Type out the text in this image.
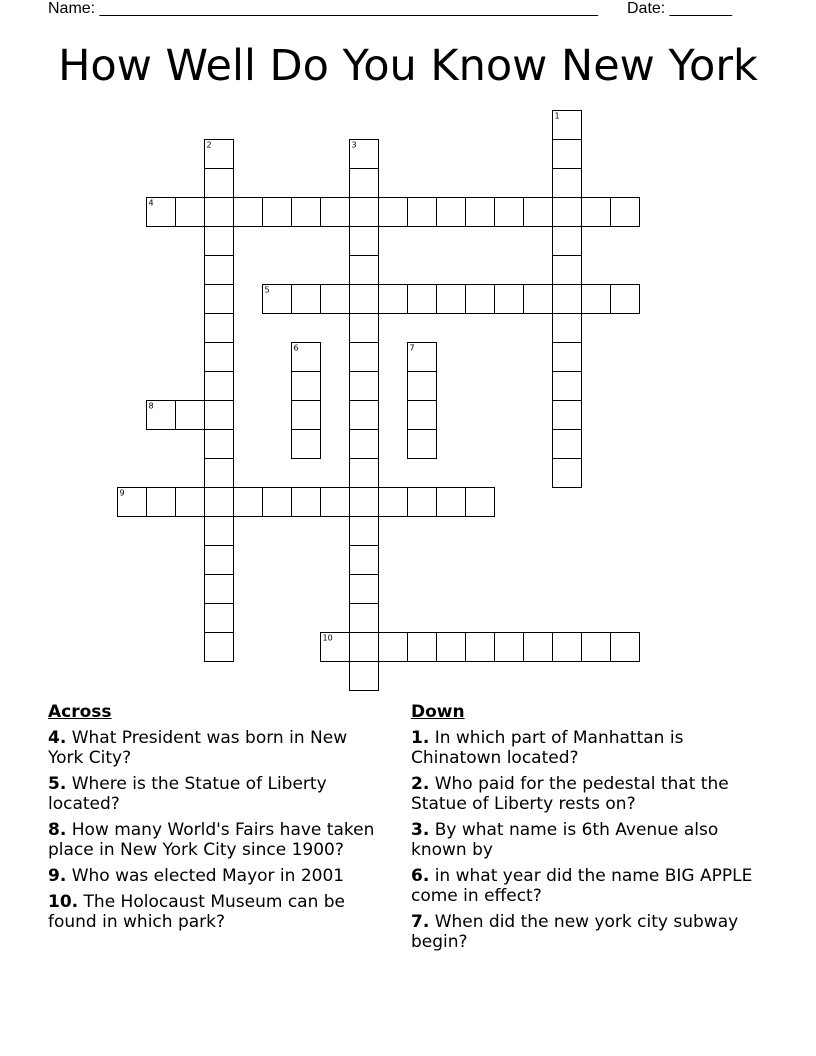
Name: ________________________________________________________ Date: _______
How Well Do You Know New York
1
2	3
4
5
6	7
8
9
10
Across
4. What President was born in New York City?
5. Where is the Statue of Liberty located?
8. How many World's Fairs have taken place in New York City since 1900?
9. Who was elected Mayor in 2001
10. The Holocaust Museum can be found in which park?
Down
1. In which part of Manhattan is Chinatown located?
2. Who paid for the pedestal that the Statue of Liberty rests on?
3. By what name is 6th Avenue also known by
6. in what year did the name BIG APPLE come in effect?
7. When did the new york city subway begin?
